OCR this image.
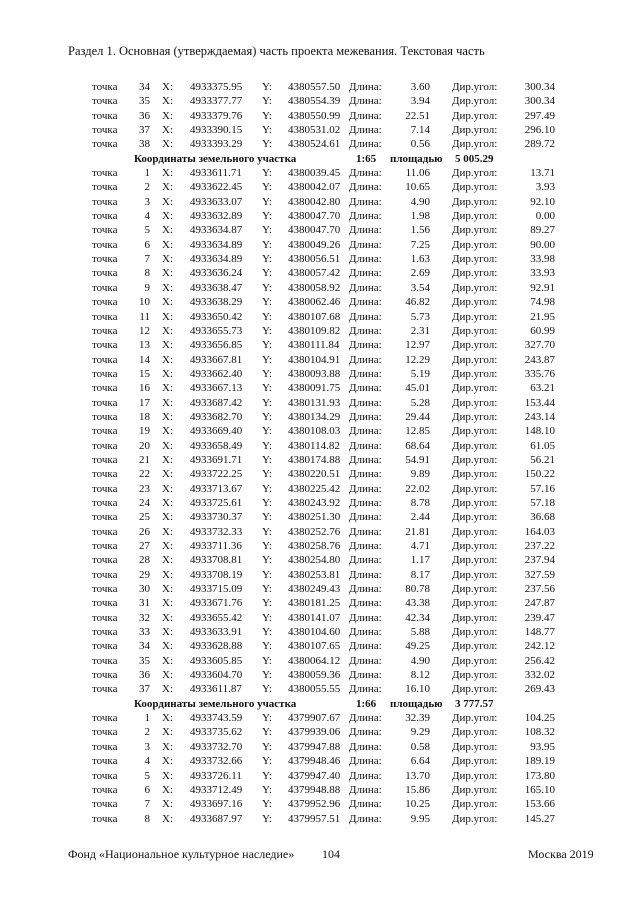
Раздел 1. Основная (утверждаемая) часть проекта межевания. Текстовая часть
точка	34 X: 4933375.95 Y: 4380557.50 Длина:	3.60 Дир.угол:	300.34
точка	35 X: 4933377.77 Y: 4380554.39 Длина:	3.94 Дир.угол:	300.34
точка	36 X: 4933379.76 Y: 4380550.99 Длина:	22.51 Дир.угол:	297.49
точка	37 X: 4933390.15 Y: 4380531.02 Длина:	7.14 Дир.угол:	296.10
точка	38 X: 4933393.29 Y: 4380524.61 Длина:	0.56 Дир.угол:	289.72
Координаты земельного участка	1:65 площадью 5 005.29
точка	1 X: 4933611.71 Y: 4380039.45 Длина:	11.06 Дир.угол:	13.71
точка	2 X: 4933622.45 Y: 4380042.07 Длина:	10.65 Дир.угол:	3.93
точка	3 X: 4933633.07 Y: 4380042.80 Длина:	4.90 Дир.угол:	92.10
точка	4 X: 4933632.89 Y: 4380047.70 Длина:	1.98 Дир.угол:	0.00
точка	5 X: 4933634.87 Y: 4380047.70 Длина:	1.56 Дир.угол:	89.27
точка	6 X: 4933634.89 Y: 4380049.26 Длина:	7.25 Дир.угол:	90.00
точка	7 X: 4933634.89 Y: 4380056.51 Длина:	1.63 Дир.угол:	33.98
точка	8 X: 4933636.24 Y: 4380057.42 Длина:	2.69 Дир.угол:	33.93
точка	9 X: 4933638.47 Y: 4380058.92 Длина:	3.54 Дир.угол:	92.91
точка	10 X: 4933638.29 Y: 4380062.46 Длина:	46.82 Дир.угол:	74.98
точка	11 X: 4933650.42 Y: 4380107.68 Длина:	5.73 Дир.угол:	21.95
точка	12 X: 4933655.73 Y: 4380109.82 Длина:	2.31 Дир.угол:	60.99
точка	13 X: 4933656.85 Y: 4380111.84 Длина:	12.97 Дир.угол:	327.70
точка	14 X: 4933667.81 Y: 4380104.91 Длина:	12.29 Дир.угол:	243.87
точка	15 X: 4933662.40 Y: 4380093.88 Длина:	5.19 Дир.угол:	335.76
точка	16 X: 4933667.13 Y: 4380091.75 Длина:	45.01 Дир.угол:	63.21
точка	17 X: 4933687.42 Y: 4380131.93 Длина:	5.28 Дир.угол:	153.44
точка	18 X: 4933682.70 Y: 4380134.29 Длина:	29.44 Дир.угол:	243.14
точка	19 X: 4933669.40 Y: 4380108.03 Длина:	12.85 Дир.угол:	148.10
точка	20 X: 4933658.49 Y: 4380114.82 Длина:	68.64 Дир.угол:	61.05
точка	21 X: 4933691.71 Y: 4380174.88 Длина:	54.91 Дир.угол:	56.21
точка	22 X: 4933722.25 Y: 4380220.51 Длина:	9.89 Дир.угол:	150.22
точка	23 X: 4933713.67 Y: 4380225.42 Длина:	22.02 Дир.угол:	57.16
точка	24 X: 4933725.61 Y: 4380243.92 Длина:	8.78 Дир.угол:	57.18
точка	25 X: 4933730.37 Y: 4380251.30 Длина:	2.44 Дир.угол:	36.68
точка	26 X: 4933732.33 Y: 4380252.76 Длина:	21.81 Дир.угол:	164.03
точка	27 X: 4933711.36 Y: 4380258.76 Длина:	4.71 Дир.угол:	237.22
точка	28 X: 4933708.81 Y: 4380254.80 Длина:	1.17 Дир.угол:	237.94
точка	29 X: 4933708.19 Y: 4380253.81 Длина:	8.17 Дир.угол:	327.59
точка	30 X: 4933715.09 Y: 4380249.43 Длина:	80.78 Дир.угол:	237.56
точка	31 X: 4933671.76 Y: 4380181.25 Длина:	43.38 Дир.угол:	247.87
точка	32 X: 4933655.42 Y: 4380141.07 Длина:	42.34 Дир.угол:	239.47
точка	33 X: 4933633.91 Y: 4380104.60 Длина:	5.88 Дир.угол:	148.77
точка	34 X: 4933628.88 Y: 4380107.65 Длина:	49.25 Дир.угол:	242.12
точка	35 X: 4933605.85 Y: 4380064.12 Длина:	4.90 Дир.угол:	256.42
точка	36 X: 4933604.70 Y: 4380059.36 Длина:	8.12 Дир.угол:	332.02
точка	37 X: 4933611.87 Y: 4380055.55 Длина:	16.10 Дир.угол:	269.43
Координаты земельного участка	1:66 площадью 3 777.57
точка	1 X: 4933743.59 Y: 4379907.67 Длина:	32.39 Дир.угол:	104.25
точка	2 X: 4933735.62 Y: 4379939.06 Длина:	9.29 Дир.угол:	108.32
точка	3 X: 4933732.70 Y: 4379947.88 Длина:	0.58 Дир.угол:	93.95
точка	4 X: 4933732.66 Y: 4379948.46 Длина:	6.64 Дир.угол:	189.19
точка	5 X: 4933726.11 Y: 4379947.40 Длина:	13.70 Дир.угол:	173.80
точка	6 X: 4933712.49 Y: 4379948.88 Длина:	15.86 Дир.угол:	165.10
точка	7 X: 4933697.16 Y: 4379952.96 Длина:	10.25 Дир.угол:	153.66
точка	8 X: 4933687.97 Y: 4379957.51 Длина:	9.95 Дир.угол:	145.27
Фонд «Национальное культурное наследие» 104	Москва 2019
